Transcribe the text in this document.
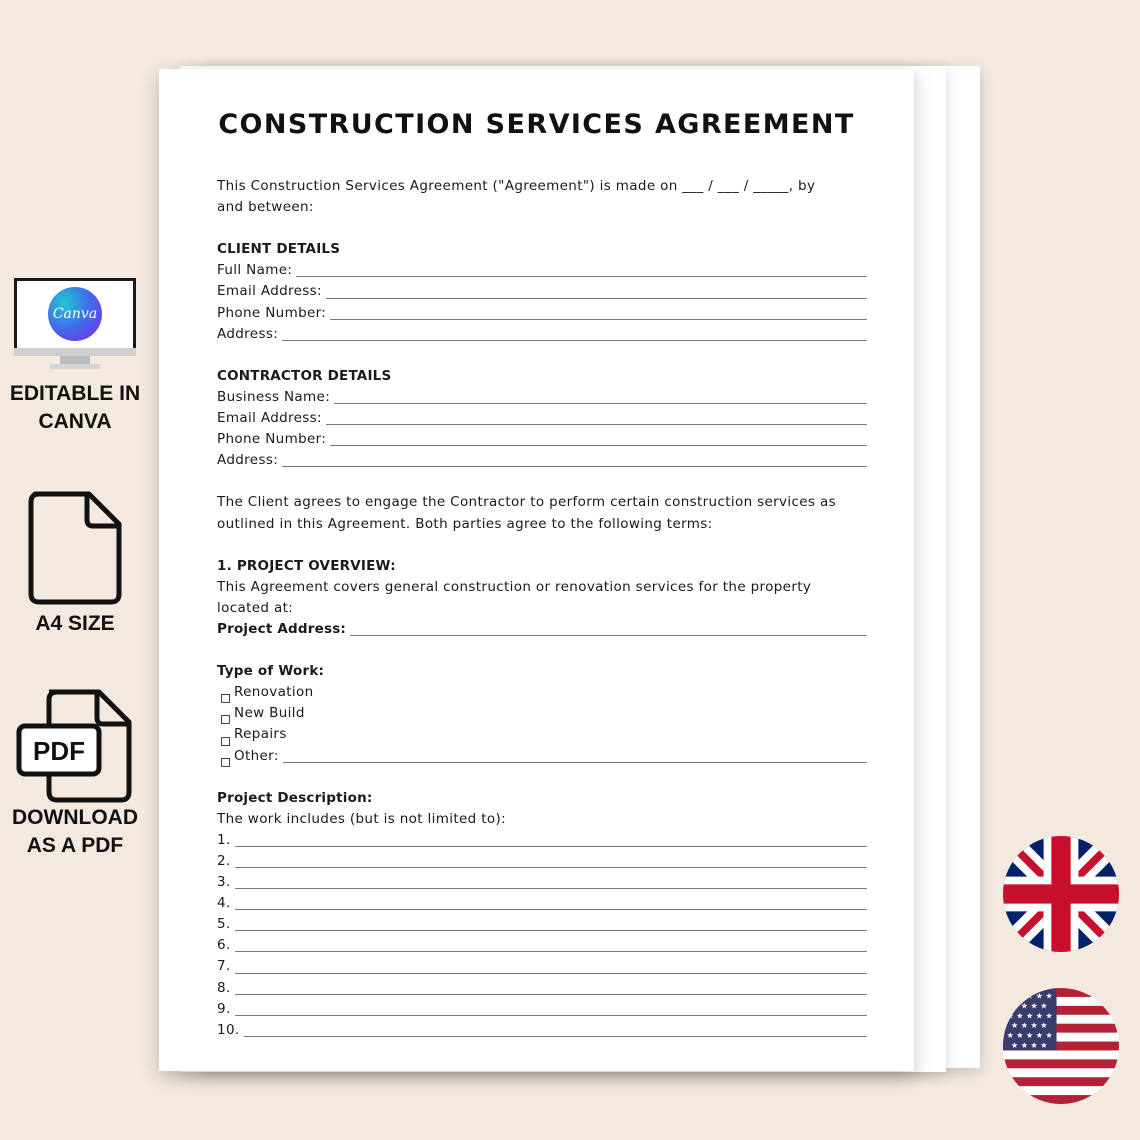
Canva
EDITABLE IN
CANVA
A4 SIZE
PDF
DOWNLOAD
AS A PDF
CONSTRUCTION SERVICES AGREEMENT

This Construction Services Agreement ("Agreement") is made on ___ / ___ / _____, by

and between:

CLIENT DETAILS

Full Name:
Email Address:
Phone Number:
Address:

CONTRACTOR DETAILS

Business Name:
Email Address:
Phone Number:
Address:

The Client agrees to engage the Contractor to perform certain construction services as

outlined in this Agreement. Both parties agree to the following terms:

1. PROJECT OVERVIEW:

This Agreement covers general construction or renovation services for the property

located at:

Project Address:

Type of Work:

Renovation
New Build
Repairs
Other:

Project Description:

The work includes (but is not limited to):

1.
2.
3.
4.
5.
6.
7.
8.
9.
10.
★ ★ ★ ★ ★
★ ★ ★ ★
★ ★ ★ ★ ★
★ ★ ★ ★
★ ★ ★ ★ ★
★ ★ ★ ★
